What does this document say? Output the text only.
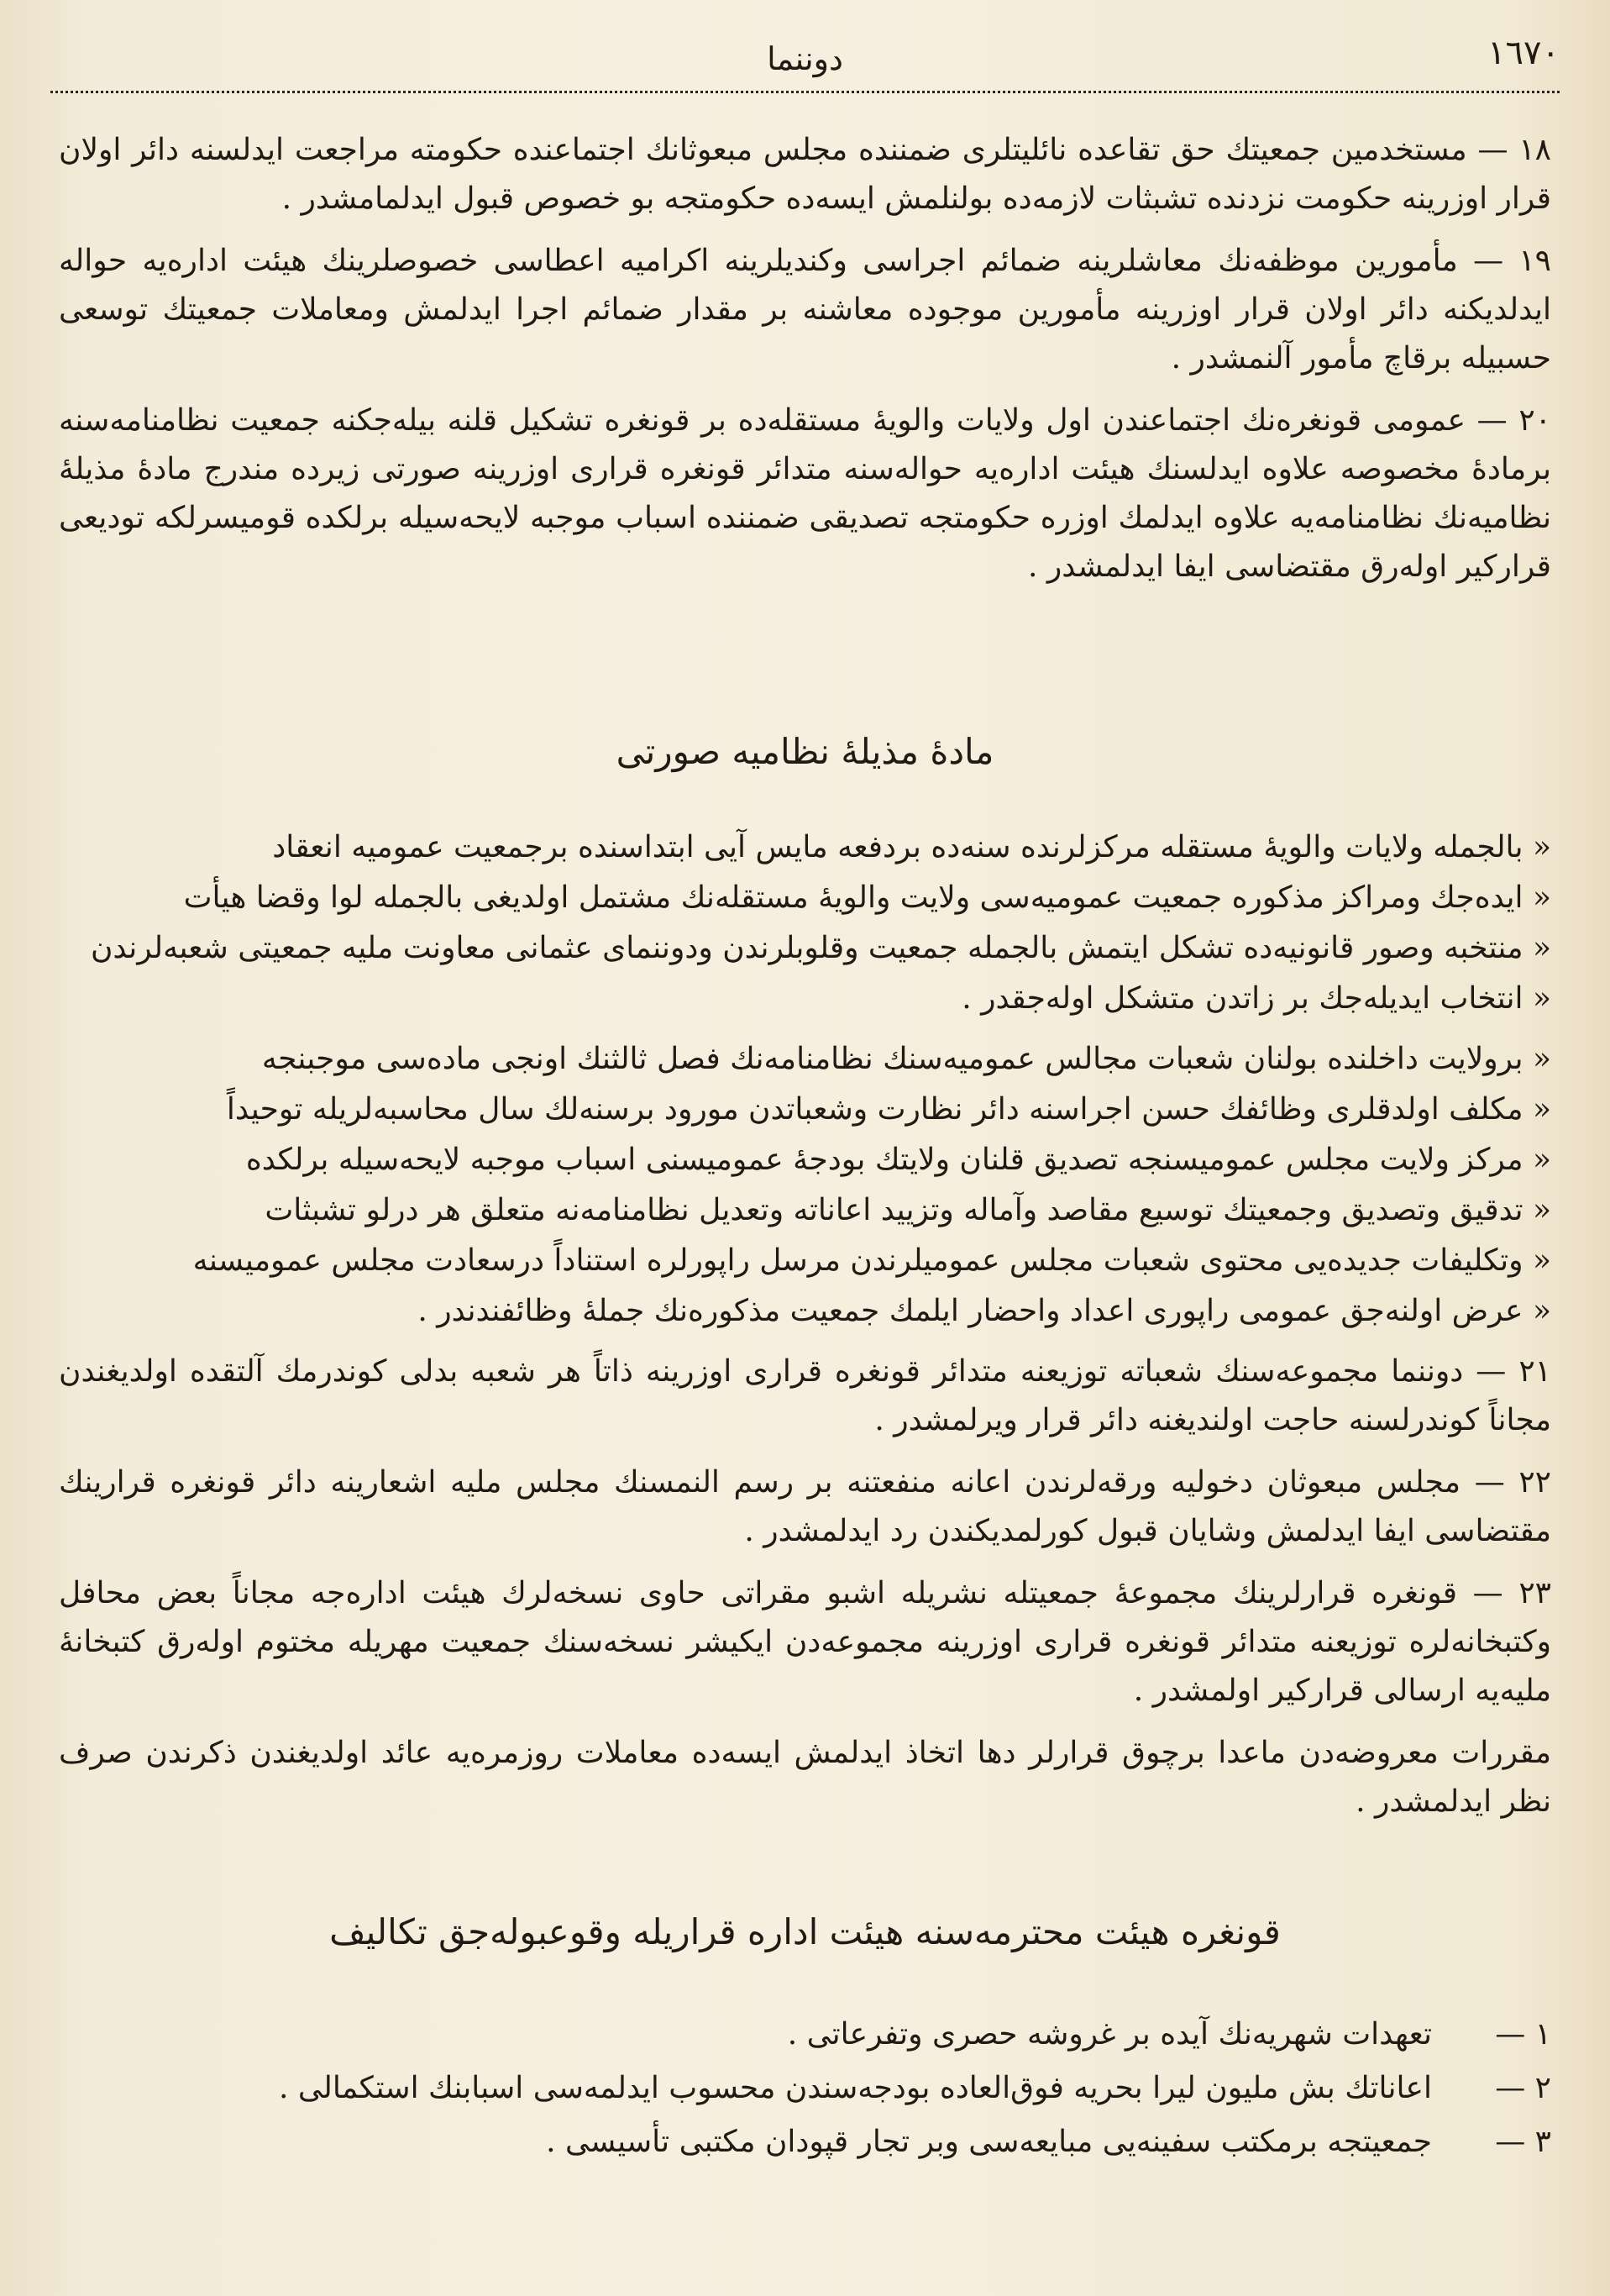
١٦٧٠
دوننما

١٨ — مستخدمین جمعیتك حق تقاعده نائلیتلری ضمننده مجلس مبعوثانك اجتماعنده حکومته مراجعت ایدلسنه دائر اولان قرار اوزرینه حکومت نزدنده تشبثات لازمه‌ده بولنلمش ایسه‌ده حکومتجه بو خصوص قبول ایدلمامشدر .

١٩ — مأمورین موظفه‌نك معاشلرینه ضمائم اجراسی وکندیلرینه اکرامیه اعطاسی خصوصلرینك هیئت اداره‌یه حواله ایدلدیکنه دائر اولان قرار اوزرینه مأمورین موجوده معاشنه بر مقدار ضمائم اجرا ایدلمش ومعاملات جمعیتك توسعی حسبیله برقاچ مأمور آلنمشدر .

٢٠ — عمومی قونغره‌نك اجتماعندن اول ولایات والویهٔ مستقله‌ده بر قونغره تشکیل قلنه بیله‌جکنه جمعیت نظامنامه‌سنه برمادهٔ مخصوصه علاوه ایدلسنك هیئت اداره‌یه حواله‌سنه متدائر قونغره قراری اوزرینه صورتی زیرده مندرج مادهٔ مذیلهٔ نظامیه‌نك نظامنامه‌یه علاوه ایدلمك اوزره حکومتجه تصدیقی ضمننده اسباب موجبه لایحه‌سیله برلکده قومیسرلکه تودیعی قرارکیر اوله‌رق مقتضاسی ایفا ایدلمشدر .

مادهٔ مذیلهٔ نظامیه صورتی

« بالجمله ولایات والویهٔ مستقله مرکزلرنده سنه‌ده بردفعه مایس آیی ابتداسنده برجمعیت عمومیه انعقاد

« ایده‌جك ومراکز مذکوره جمعیت عمومیه‌سی ولایت والویهٔ مستقله‌نك مشتمل اولدیغی بالجمله لوا وقضا هیأت

« منتخبه وصور قانونیه‌ده تشکل ایتمش بالجمله جمعیت وقلوبلرندن ودوننمای عثمانی معاونت ملیه جمعیتی شعبه‌لرندن

« انتخاب ایدیله‌جك بر زاتدن متشکل اوله‌جقدر .

« برولایت داخلنده بولنان شعبات مجالس عمومیه‌سنك نظامنامه‌نك فصل ثالثنك اونجی ماده‌سی موجبنجه

« مکلف اولدقلری وظائفك حسن اجراسنه دائر نظارت وشعباتدن مورود برسنه‌لك سال محاسبه‌لریله توحیداً

« مرکز ولایت مجلس عمومیسنجه تصدیق قلنان ولایتك بودجهٔ عمومیسنی اسباب موجبه لایحه‌سیله برلکده

« تدقیق وتصدیق وجمعیتك توسیع مقاصد وآماله وتزیید اعاناته وتعدیل نظامنامه‌نه متعلق هر درلو تشبثات

« وتکلیفات جدیده‌یی محتوی شعبات مجلس عمومیلرندن مرسل راپورلره استناداً درسعادت مجلس عمومیسنه

« عرض اولنه‌جق عمومی راپوری اعداد واحضار ایلمك جمعیت مذکوره‌نك جملهٔ وظائفندندر .

٢١ — دوننما مجموعه‌سنك شعباته توزیعنه متدائر قونغره قراری اوزرینه ذاتاً هر شعبه بدلی کوندرمك آلتقده اولدیغندن مجاناً کوندرلسنه حاجت اولندیغنه دائر قرار ویرلمشدر .

٢٢ — مجلس مبعوثان دخولیه ورقه‌لرندن اعانه منفعتنه بر رسم النمسنك مجلس ملیه اشعارینه دائر قونغره قرارینك مقتضاسی ایفا ایدلمش وشایان قبول کورلمدیکندن رد ایدلمشدر .

٢٣ — قونغره قرارلرینك مجموعهٔ جمعیتله نشریله اشبو مقراتی حاوی نسخه‌لرك هیئت اداره‌جه مجاناً بعض محافل وکتبخانه‌لره توزیعنه متدائر قونغره قراری اوزرینه مجموعه‌دن ایکیشر نسخه‌سنك جمعیت مهریله مختوم اوله‌رق کتبخانهٔ ملیه‌یه ارسالی قرارکیر اولمشدر .

مقررات معروضه‌دن ماعدا برچوق قرارلر دها اتخاذ ایدلمش ایسه‌ده معاملات روزمره‌یه عائد اولدیغندن ذکرندن صرف نظر ایدلمشدر .

قونغره هیئت محترمه‌سنه هیئت اداره قراریله وقوعبوله‌جق تکالیف
١ —
تعهدات شهریه‌نك آیده بر غروشه حصری وتفرعاتی .
٢ —
اعاناتك بش ملیون لیرا بحریه فوق‌العاده بودجه‌سندن محسوب ایدلمه‌سی اسبابنك استکمالی .
٣ —
جمعیتجه برمکتب سفینه‌یی مبایعه‌سی وبر تجار قپودان مکتبی تأسیسی .
